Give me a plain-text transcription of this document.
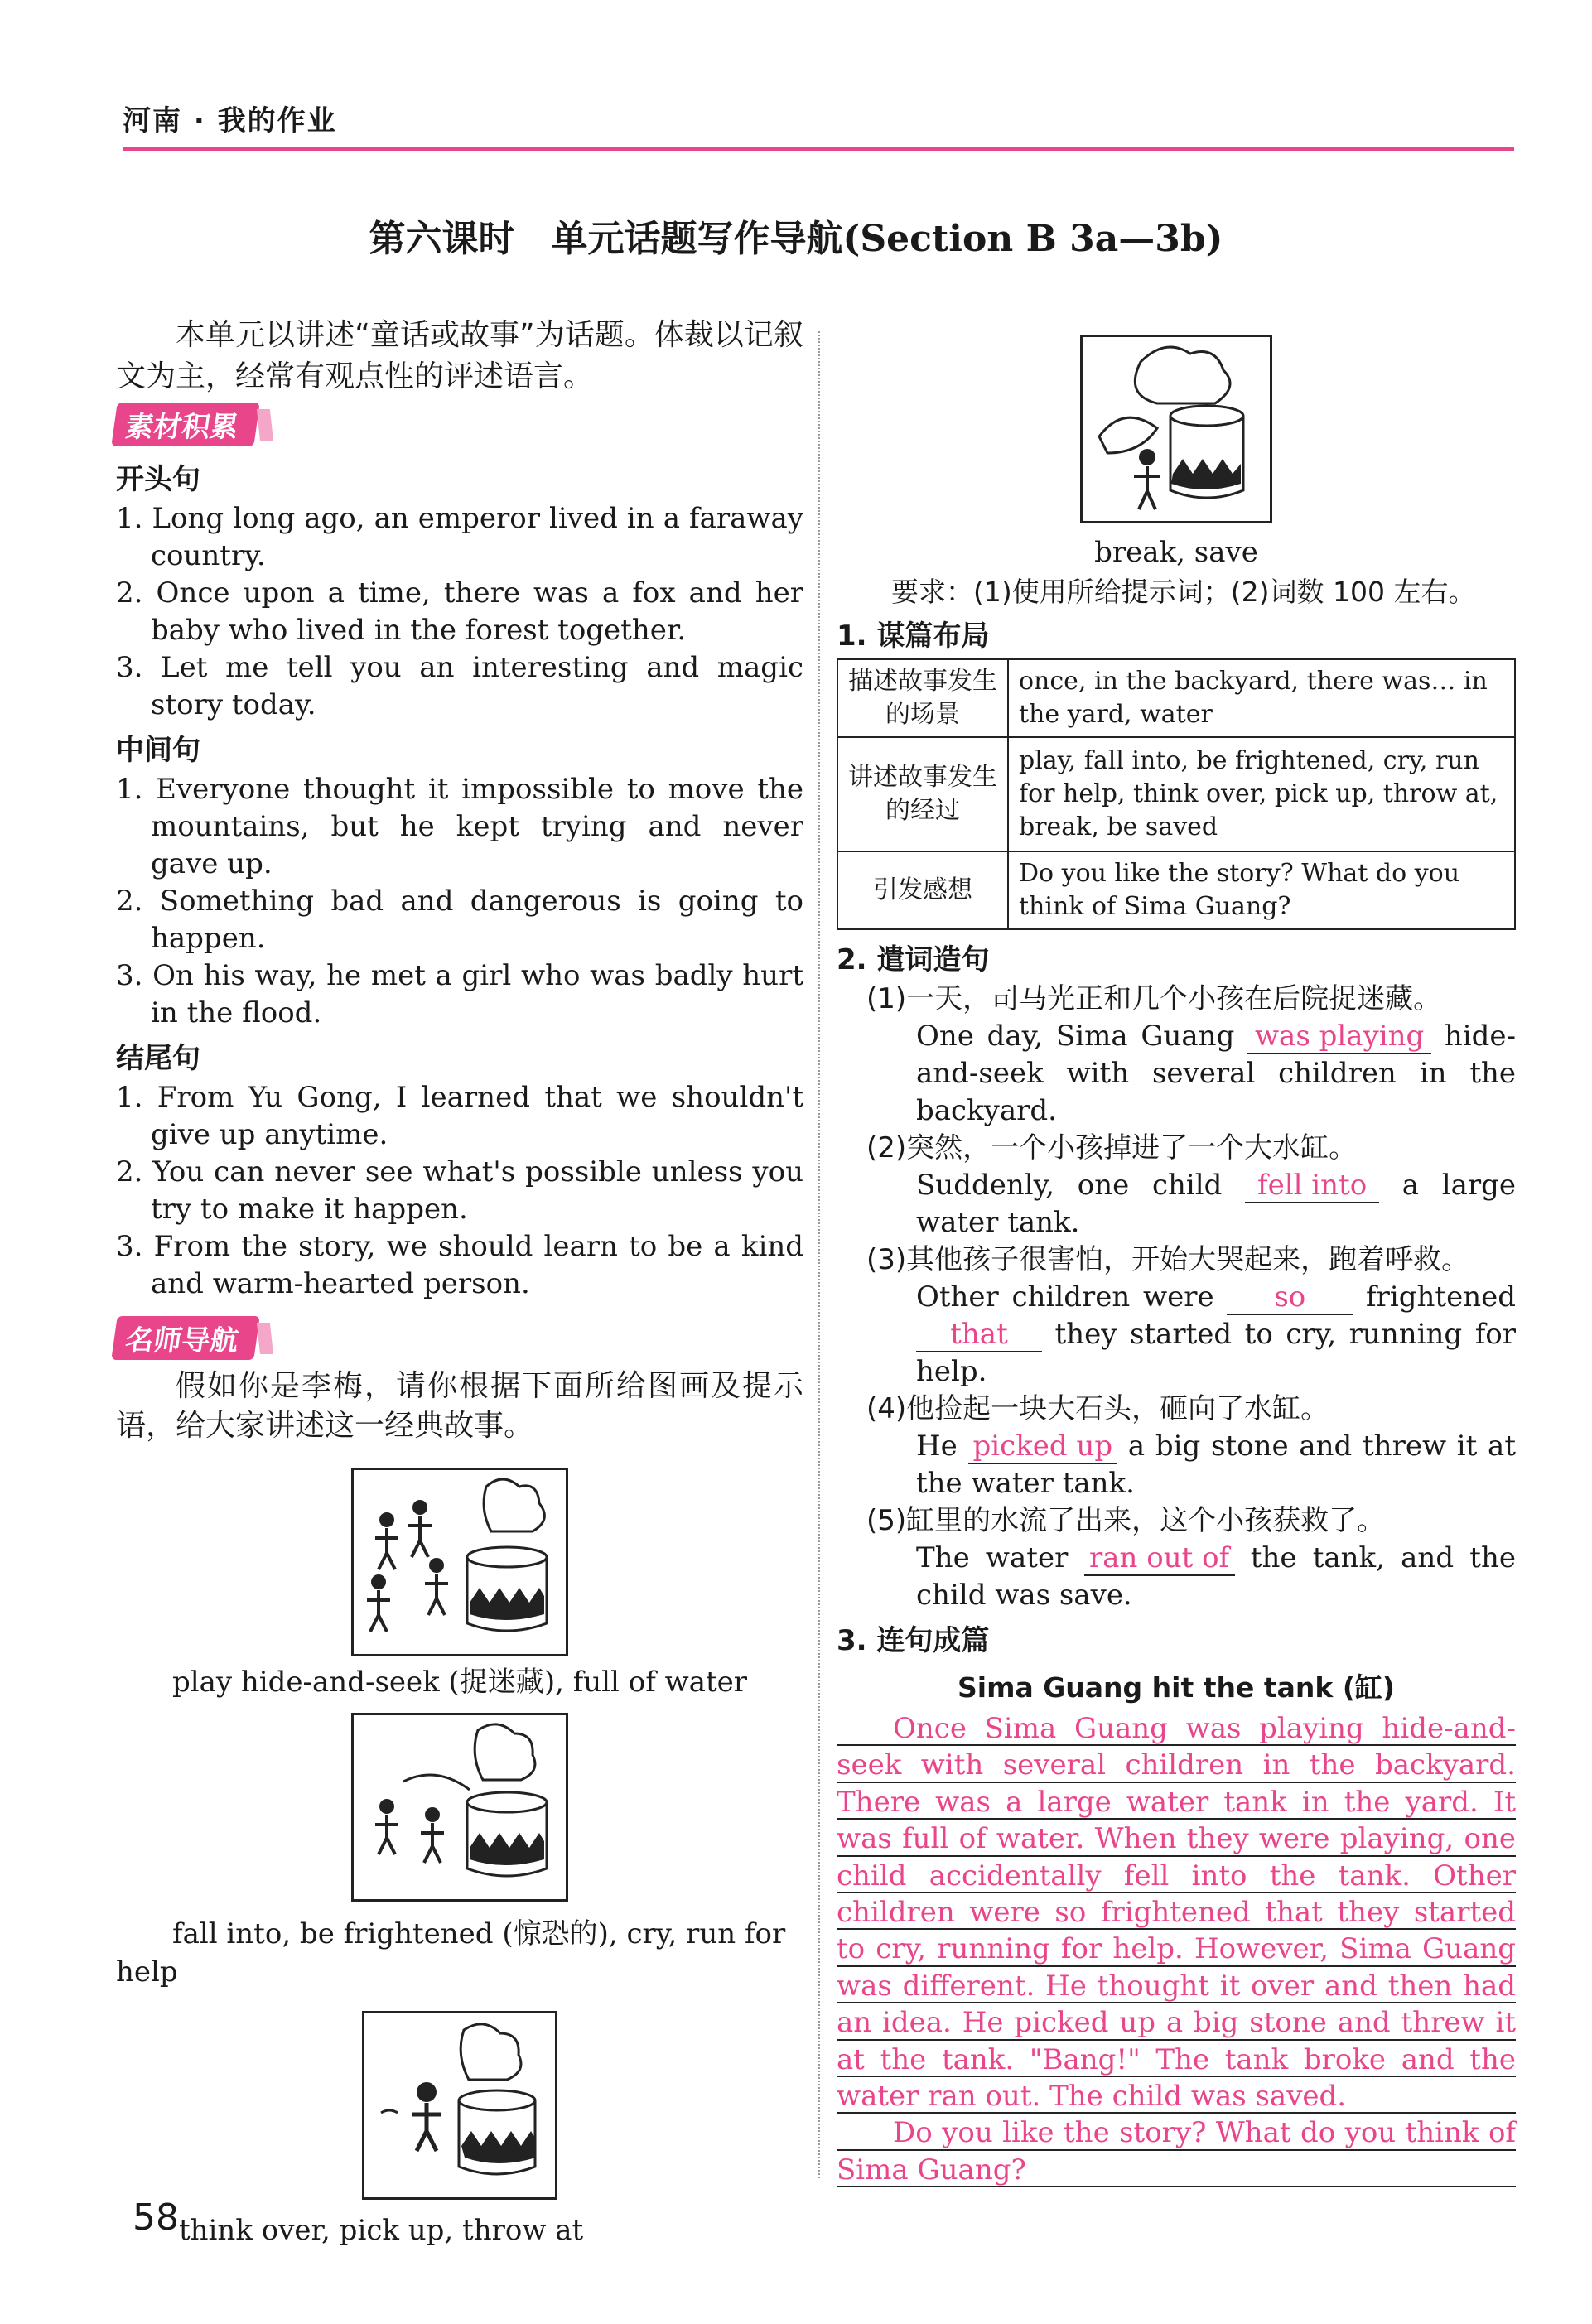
河南 · 我的作业
第六课时　单元话题写作导航(Section B 3a—3b)

本单元以讲述“童话或故事”为话题。体裁以记叙文为主，经常有观点性的评述语言。

素材积累
开头句

1. Long long ago, an emperor lived in a faraway country.

2. Once upon a time, there was a fox and her baby who lived in the forest together.

3. Let me tell you an interesting and magic story today.

中间句

1. Everyone thought it impossible to move the mountains, but he kept trying and never gave up.

2. Something bad and dangerous is going to happen.

3. On his way, he met a girl who was badly hurt in the flood.

结尾句

1. From Yu Gong, I learned that we shouldn't give up anytime.

2. You can never see what's possible unless you try to make it happen.

3. From the story, we should learn to be a kind and warm-hearted person.

名师导航

假如你是李梅，请你根据下面所给图画及提示语，给大家讲述这一经典故事。

play hide-and-seek (捉迷藏), full of water

fall into, be frightened (惊恐的), cry, run for help

think over, pick up, throw at

break, save

要求：(1)使用所给提示词；(2)词数 100 左右。

1. 谋篇布局
描述故事发生的场景	once, in the backyard, there was… in the yard, water
讲述故事发生的经过	play, fall into, be frightened, cry, run for help, think over, pick up, throw at, break, be saved
引发感想	Do you like the story? What do you think of Sima Guang?
2. 遣词造句

(1)一天，司马光正和几个小孩在后院捉迷藏。

One day, Sima Guang was playing hide-and-seek with several children in the backyard.

(2)突然，一个小孩掉进了一个大水缸。

Suddenly, one child fell into a large water tank.

(3)其他孩子很害怕，开始大哭起来，跑着呼救。

Other children were so frightened that they started to cry, running for help.

(4)他捡起一块大石头，砸向了水缸。

He picked up a big stone and threw it at the water tank.

(5)缸里的水流了出来，这个小孩获救了。

The water ran out of the tank, and the child was save.

3. 连句成篇
Sima Guang hit the tank (缸)

Once Sima Guang was playing hide-and-seek with several children in the backyard. There was a large water tank in the yard. It was full of water. When they were playing, one child accidentally fell into the tank. Other children were so frightened that they started to cry, running for help. However, Sima Guang was different. He thought it over and then had an idea. He picked up a big stone and threw it at the tank. "Bang!" The tank broke and the water ran out. The child was saved.

Do you like the story? What do you think of Sima Guang?

58
